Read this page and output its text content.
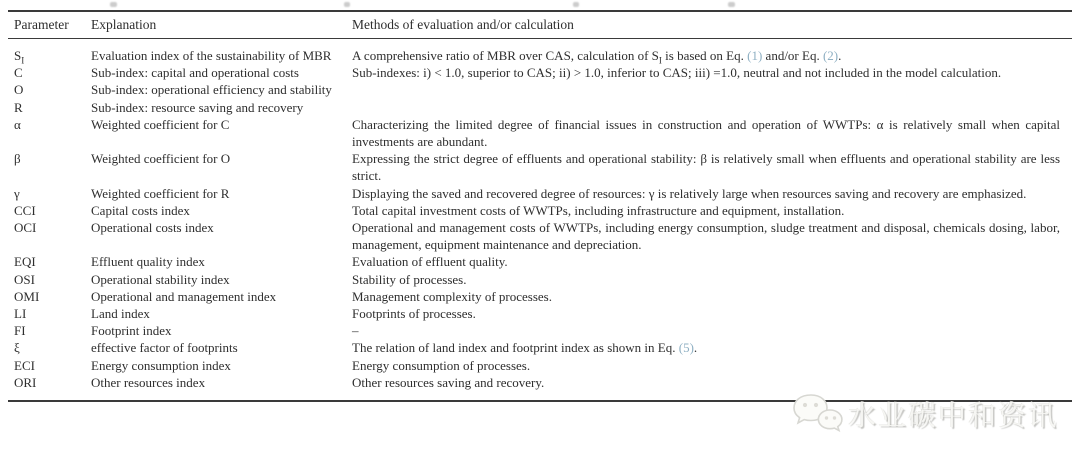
Parameter	Explanation	Methods of evaluation and/or calculation
$S_I$	Evaluation index of the sustainability of MBR	A comprehensive ratio of MBR over CAS, calculation of $S_I$ is based on Eq. (1) and/or Eq. (2).
C	Sub-index: capital and operational costs	Sub-indexes: i) < 1.0, superior to CAS; ii) > 1.0, inferior to CAS; iii) =1.0, neutral and not included in the model calculation.
O	Sub-index: operational efficiency and stability	
R	Sub-index: resource saving and recovery	
α	Weighted coefficient for C	Characterizing the limited degree of financial issues in construction and operation of WWTPs: α is relatively small when capital investments are abundant.
β	Weighted coefficient for O	Expressing the strict degree of effluents and operational stability: β is relatively small when effluents and operational stability are less strict.
γ	Weighted coefficient for R	Displaying the saved and recovered degree of resources: γ is relatively large when resources saving and recovery are emphasized.
CCI	Capital costs index	Total capital investment costs of WWTPs, including infrastructure and equipment, installation.
OCI	Operational costs index	Operational and management costs of WWTPs, including energy consumption, sludge treatment and disposal, chemicals dosing, labor, management, equipment maintenance and depreciation.
EQI	Effluent quality index	Evaluation of effluent quality.
OSI	Operational stability index	Stability of processes.
OMI	Operational and management index	Management complexity of processes.
LI	Land index	Footprints of processes.
FI	Footprint index	–
ξ	effective factor of footprints	The relation of land index and footprint index as shown in Eq. (5).
ECI	Energy consumption index	Energy consumption of processes.
ORI	Other resources index	Other resources saving and recovery.
水业碳中和资讯
